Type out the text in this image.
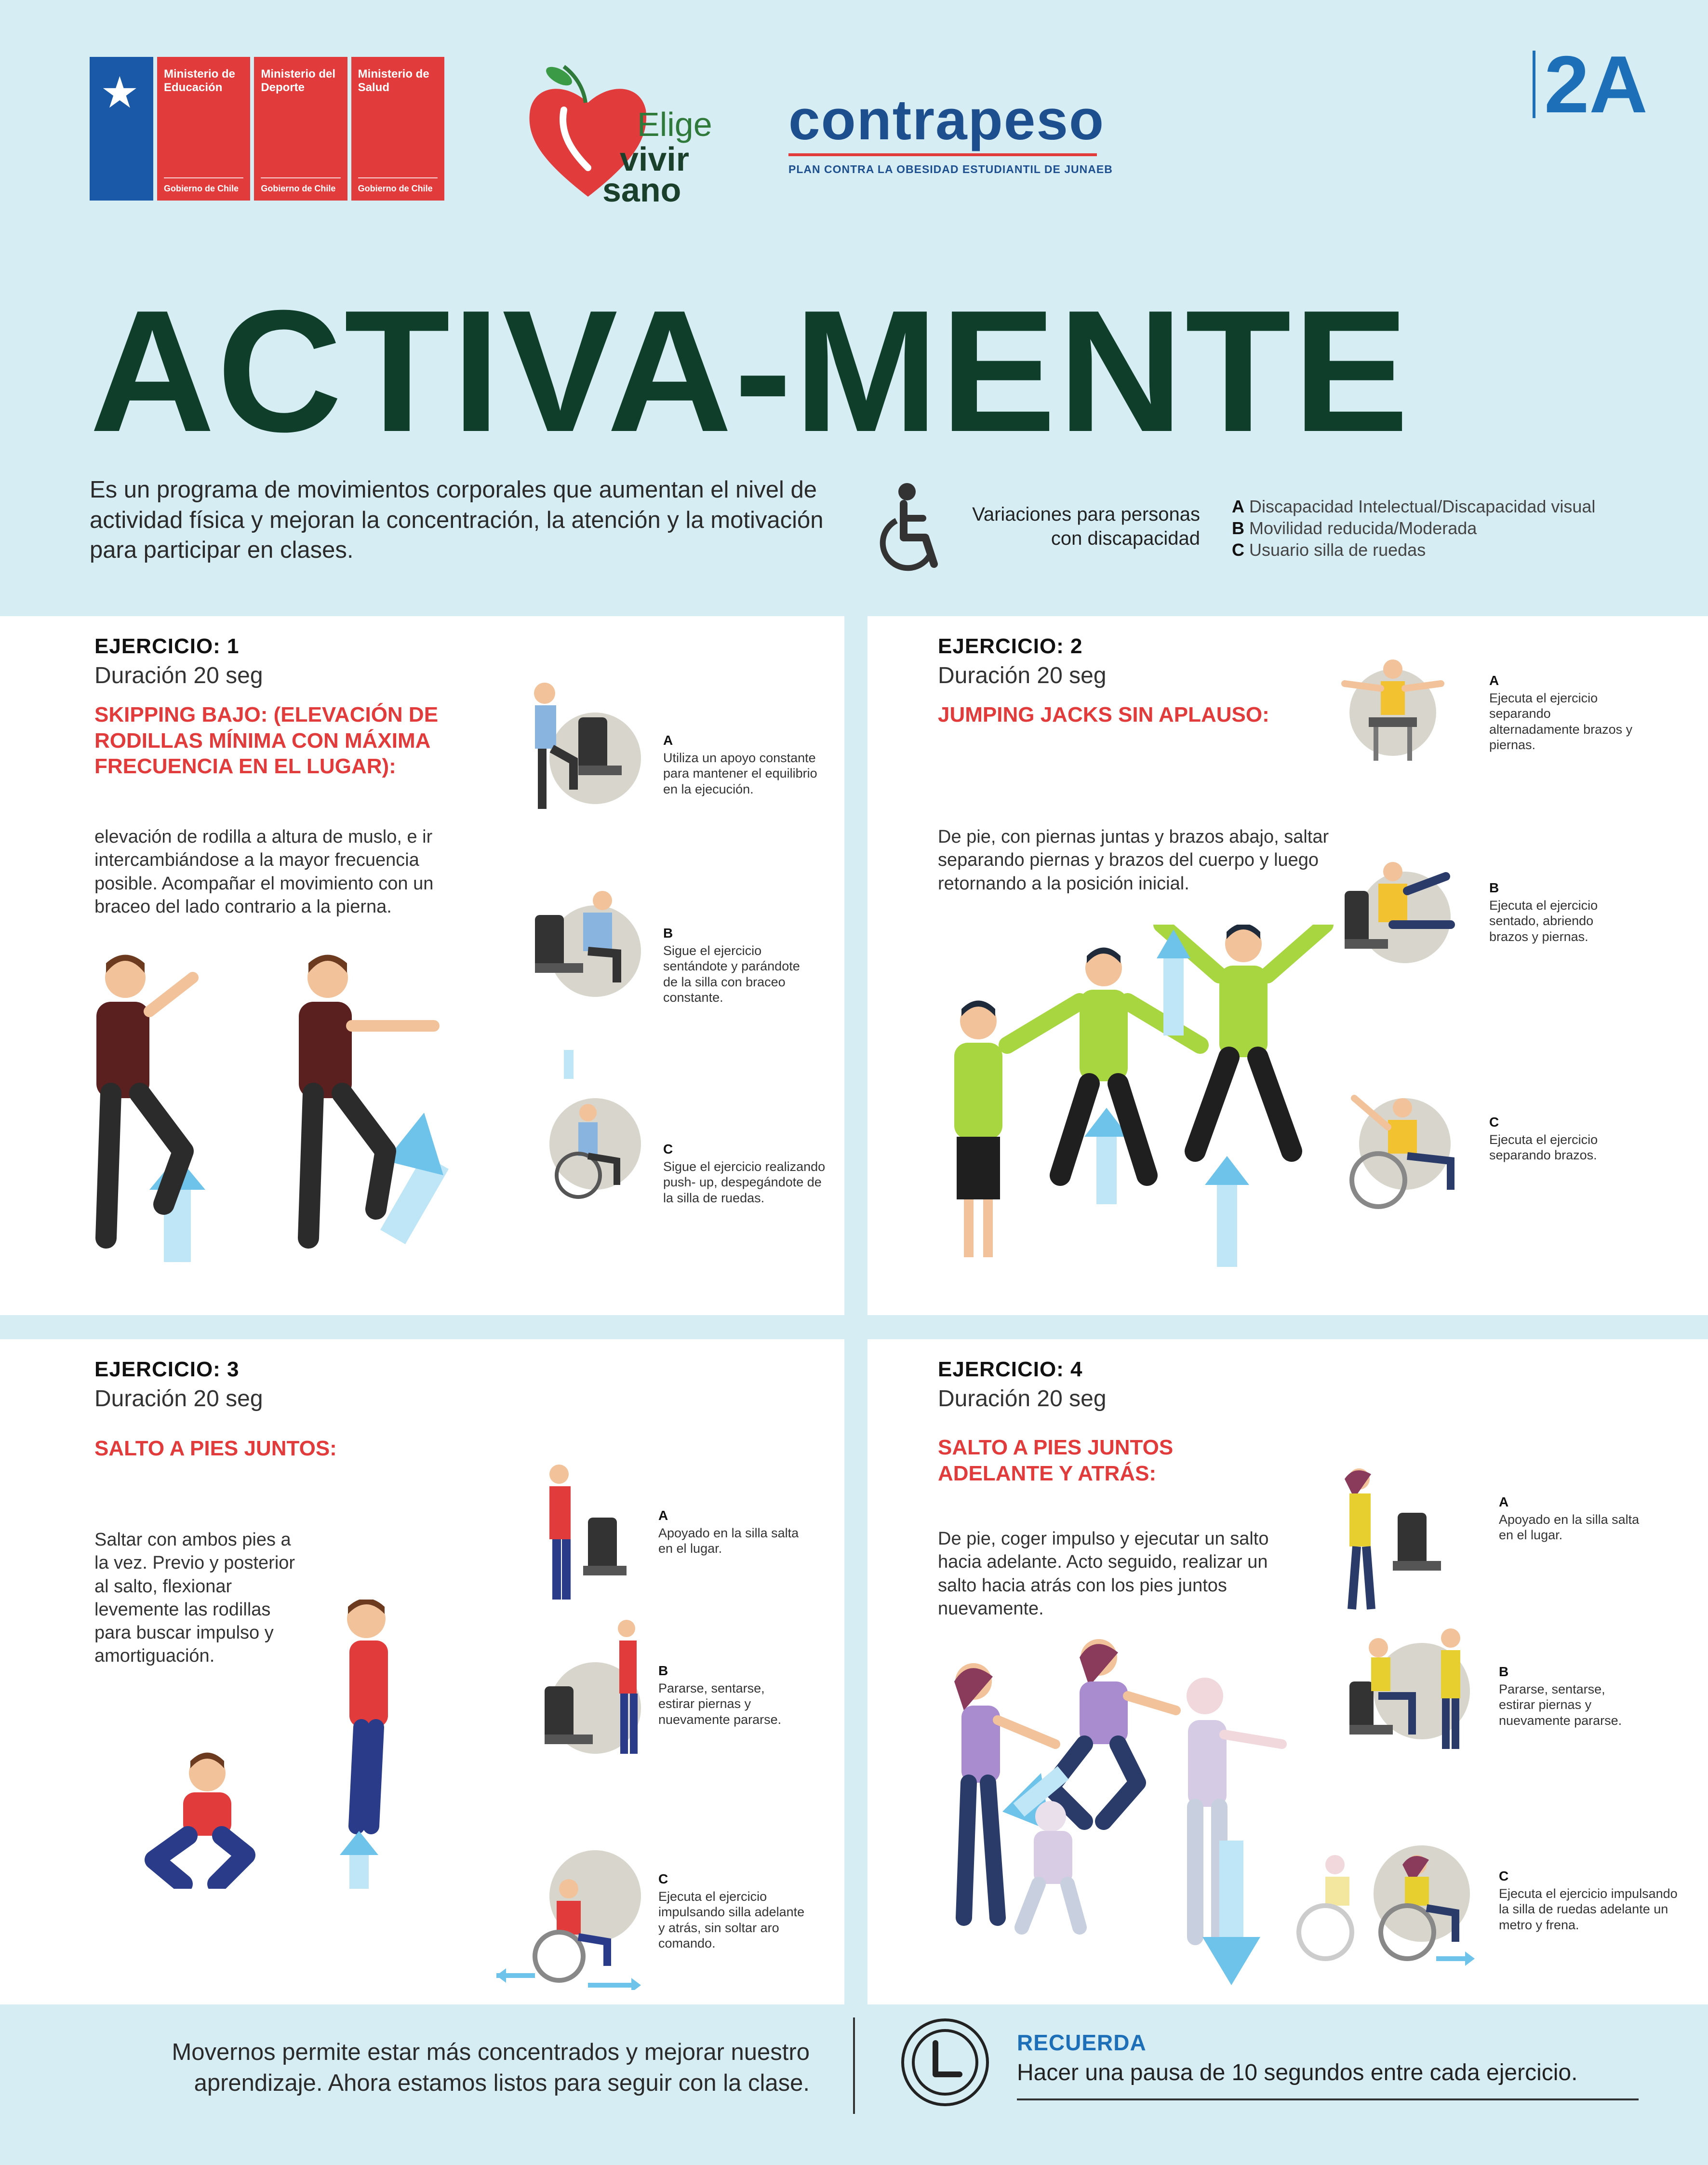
★ Ministerio de Educación
Gobierno de Chile
Ministerio del Deporte
Gobierno de Chile
Ministerio de Salud
Gobierno de Chile
Elige
vivir
sano
contrapeso
PLAN CONTRA LA OBESIDAD ESTUDIANTIL DE JUNAEB
2A
ACTIVA-MENTE
Es un programa de movimientos corporales que aumentan el nivel de actividad física y mejoran la concentración, la atención y la motivación para participar en clases.
Variaciones para personas con discapacidad
A Discapacidad Intelectual/Discapacidad visual
B Movilidad reducida/Moderada
C Usuario silla de ruedas
EJERCICIO: 1
Duración 20 seg
SKIPPING BAJO: (ELEVACIÓN DE RODILLAS MÍNIMA CON MÁXIMA FRECUENCIA EN EL LUGAR):
elevación de rodilla a altura de muslo, e ir intercambiándose a la mayor frecuencia posible. Acompañar el movimiento con un braceo del lado contrario a la pierna.
A
Utiliza un apoyo constante para mantener el equilibrio en la ejecución.
B
Sigue el ejercicio sentándote y parándote de la silla con braceo constante.
C
Sigue el ejercicio realizando push- up, despegándote de la silla de ruedas.
EJERCICIO: 2
Duración 20 seg
JUMPING JACKS SIN APLAUSO:
De pie, con piernas juntas y brazos abajo, saltar separando piernas y brazos del cuerpo y luego retornando a la posición inicial.
A
Ejecuta el ejercicio separando alternadamente brazos y piernas.
B
Ejecuta el ejercicio sentado, abriendo brazos y piernas.
C
Ejecuta el ejercicio separando brazos.
EJERCICIO: 3
Duración 20 seg
SALTO A PIES JUNTOS:
Saltar con ambos pies a la vez. Previo y posterior al salto, flexionar levemente las rodillas para buscar impulso y amortiguación.
A
Apoyado en la silla salta en el lugar.
B
Pararse, sentarse, estirar piernas y nuevamente pararse.
C
Ejecuta el ejercicio impulsando silla adelante y atrás, sin soltar aro comando.
EJERCICIO: 4
Duración 20 seg
SALTO A PIES JUNTOS ADELANTE Y ATRÁS:
De pie, coger impulso y ejecutar un salto hacia adelante. Acto seguido, realizar un salto hacia atrás con los pies juntos nuevamente.
A
Apoyado en la silla salta en el lugar.
B
Pararse, sentarse, estirar piernas y nuevamente pararse.
C
Ejecuta el ejercicio impulsando la silla de ruedas adelante un metro y frena.
Movernos permite estar más concentrados y mejorar nuestro aprendizaje. Ahora estamos listos para seguir con la clase.
RECUERDA
Hacer una pausa de 10 segundos entre cada ejercicio.
